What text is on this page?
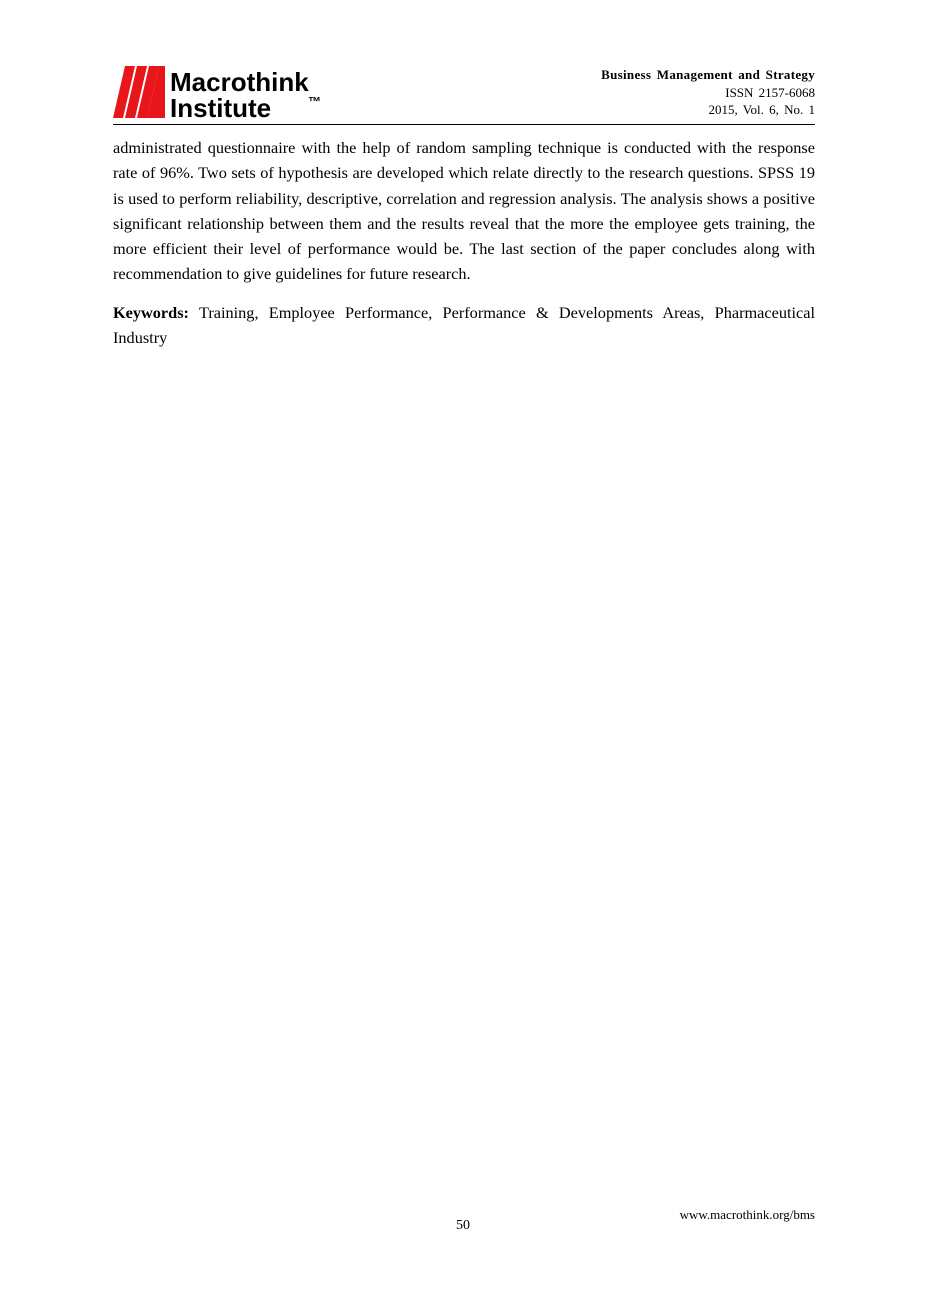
Macrothink
Institute	™
Business Management and Strategy
ISSN 2157-6068
2015, Vol. 6, No. 1

administrated questionnaire with the help of random sampling technique is conducted with the response rate of 96%. Two sets of hypothesis are developed which relate directly to the research questions. SPSS 19 is used to perform reliability, descriptive, correlation and regression analysis. The analysis shows a positive significant relationship between them and the results reveal that the more the employee gets training, the more efficient their level of performance would be. The last section of the paper concludes along with recommendation to give guidelines for future research.

Keywords: Training, Employee Performance, Performance & Developments Areas, Pharmaceutical Industry

www.macrothink.org/bms
50
